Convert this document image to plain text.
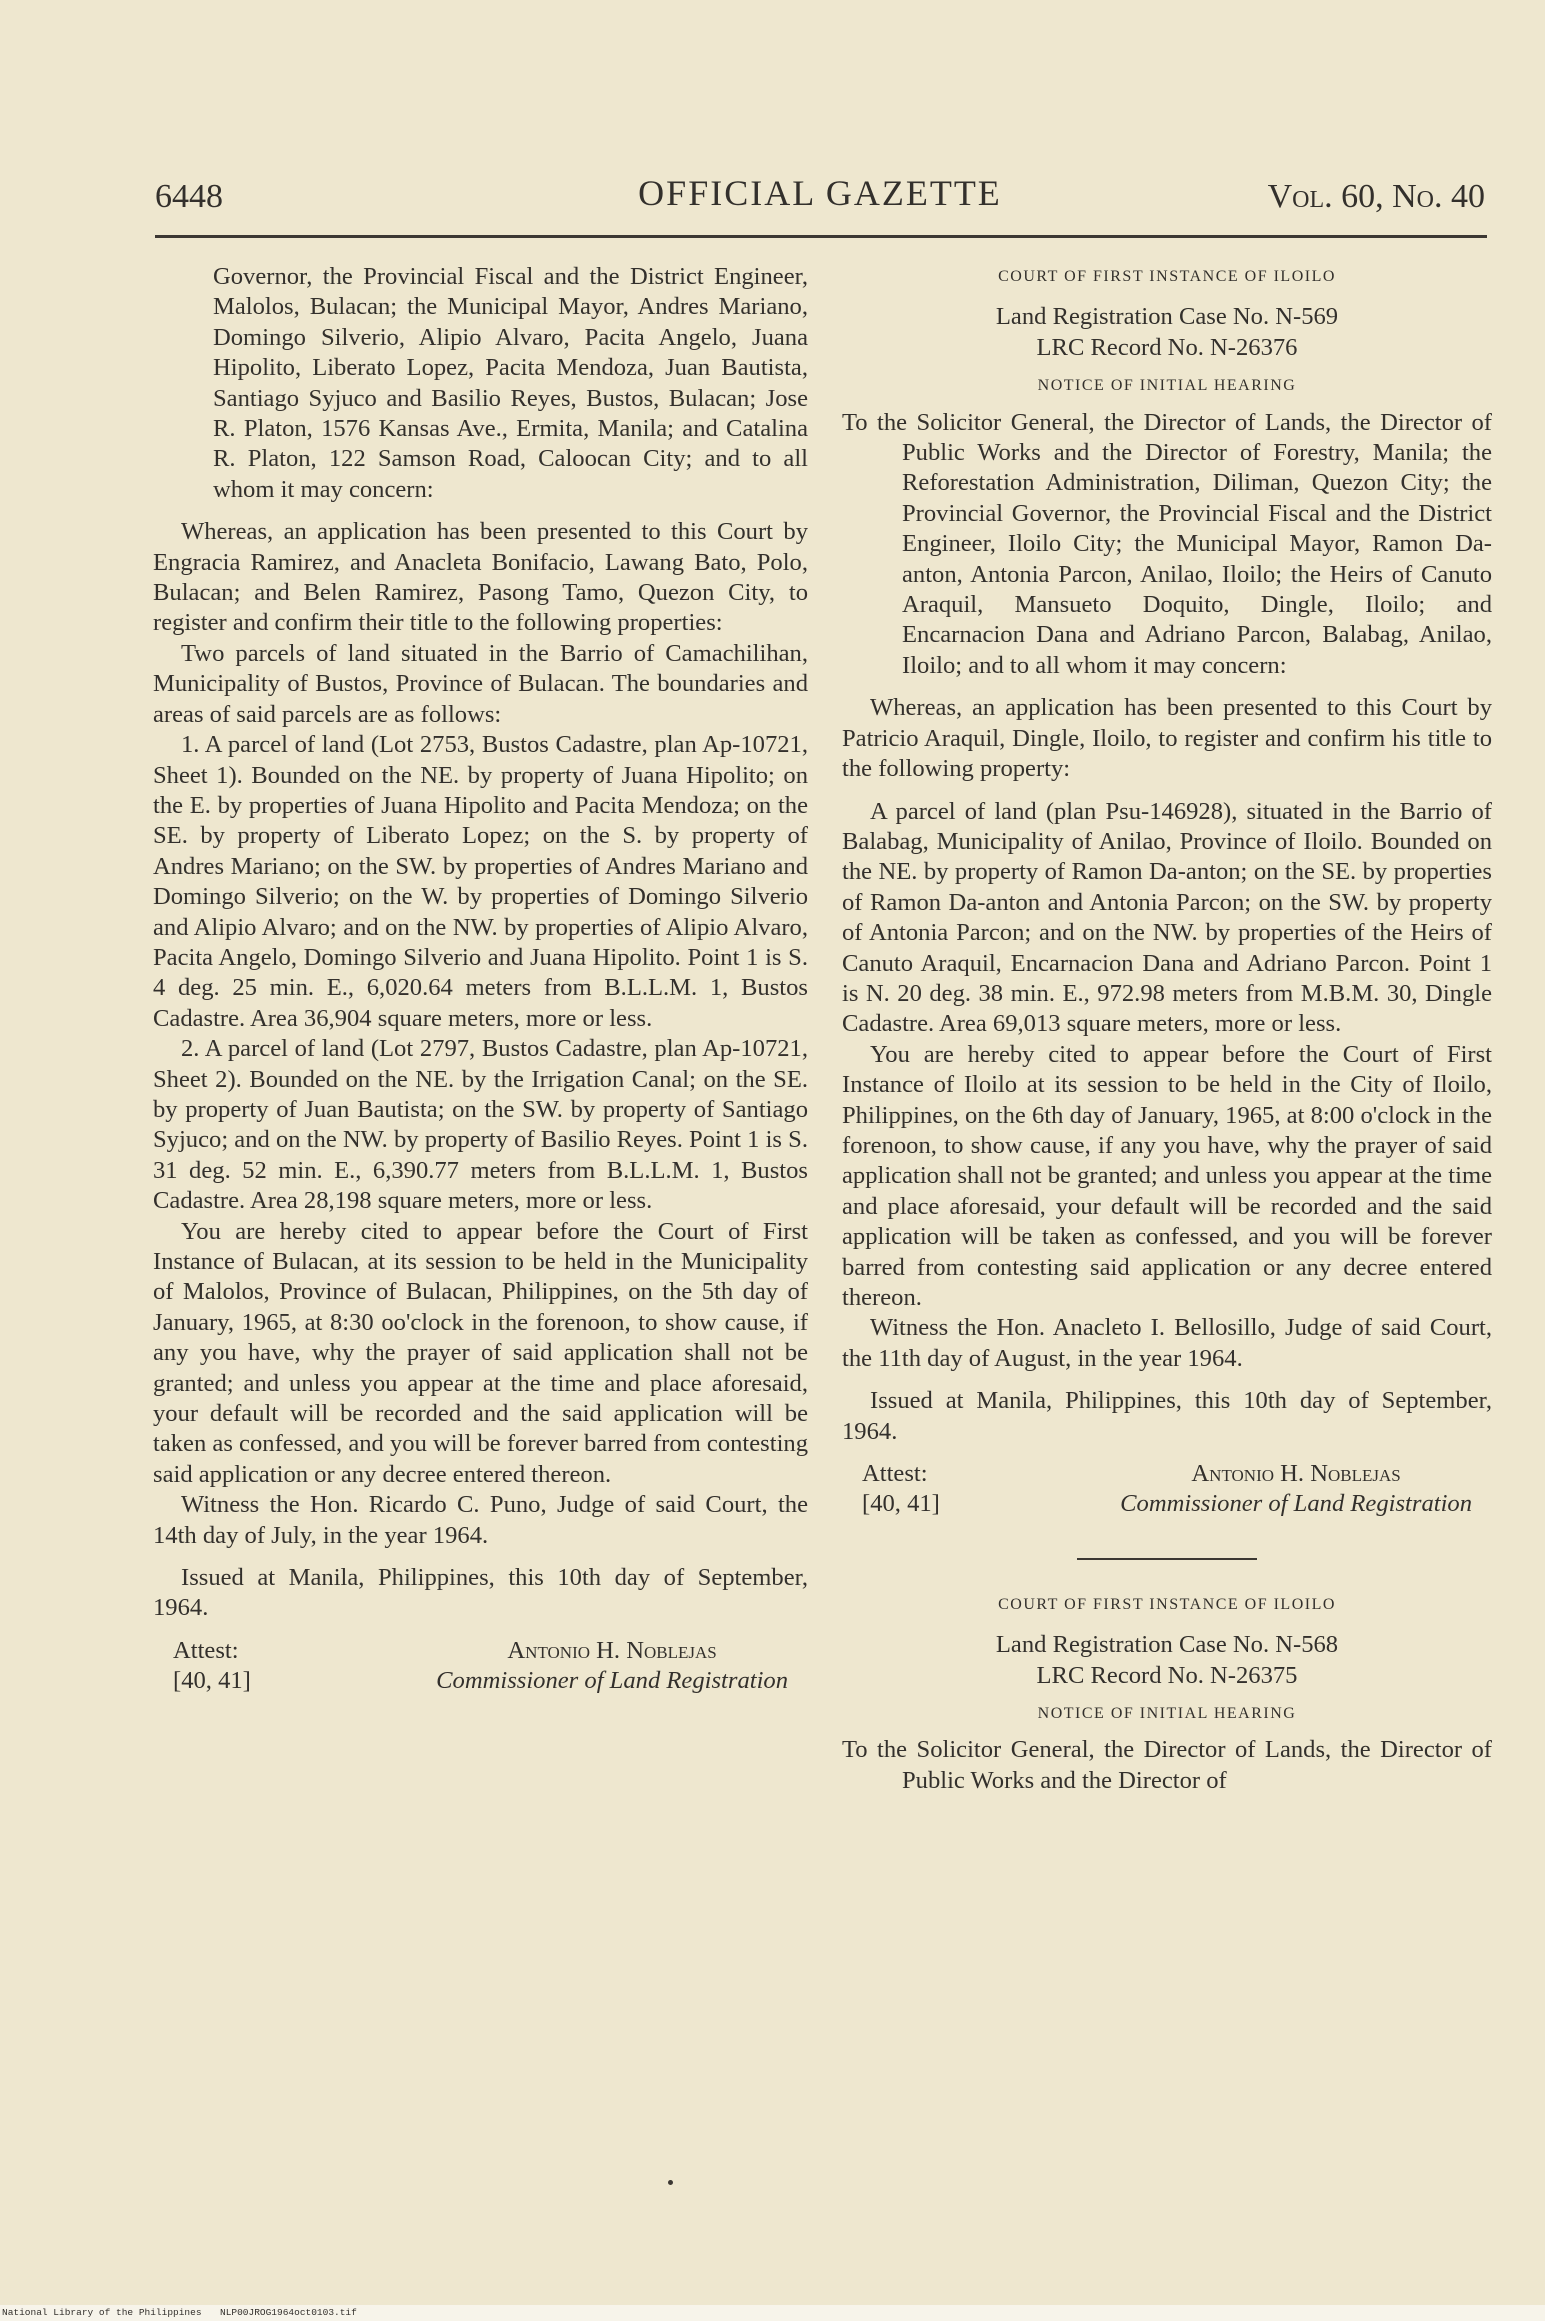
6448	OFFICIAL GAZETTE	Vol. 60, No. 40

Governor, the Provincial Fiscal and the District Engineer, Malolos, Bulacan; the Municipal Mayor, Andres Mariano, Domingo Silverio, Alipio Alvaro, Pacita Angelo, Juana Hipolito, Liberato Lopez, Pacita Mendoza, Juan Bautista, Santiago Syjuco and Basilio Reyes, Bustos, Bulacan; Jose R. Platon, 1576 Kansas Ave., Ermita, Manila; and Catalina R. Platon, 122 Samson Road, Caloocan City; and to all whom it may concern:

Whereas, an application has been presented to this Court by Engracia Ramirez, and Anacleta Bonifacio, Lawang Bato, Polo, Bulacan; and Belen Ramirez, Pasong Tamo, Quezon City, to register and confirm their title to the following properties:

Two parcels of land situated in the Barrio of Camachilihan, Municipality of Bustos, Province of Bulacan. The boundaries and areas of said parcels are as follows:

1. A parcel of land (Lot 2753, Bustos Cadastre, plan Ap-10721, Sheet 1). Bounded on the NE. by property of Juana Hipolito; on the E. by properties of Juana Hipolito and Pacita Mendoza; on the SE. by property of Liberato Lopez; on the S. by property of Andres Mariano; on the SW. by properties of Andres Mariano and Domingo Silverio; on the W. by properties of Domingo Silverio and Alipio Alvaro; and on the NW. by properties of Alipio Alvaro, Pacita Angelo, Domingo Silverio and Juana Hipolito. Point 1 is S. 4 deg. 25 min. E., 6,020.64 meters from B.L.L.M. 1, Bustos Cadastre. Area 36,904 square meters, more or less.

2. A parcel of land (Lot 2797, Bustos Cadastre, plan Ap-10721, Sheet 2). Bounded on the NE. by the Irrigation Canal; on the SE. by property of Juan Bautista; on the SW. by property of Santiago Syjuco; and on the NW. by property of Basilio Reyes. Point 1 is S. 31 deg. 52 min. E., 6,390.77 meters from B.L.L.M. 1, Bustos Cadastre. Area 28,198 square meters, more or less.

You are hereby cited to appear before the Court of First Instance of Bulacan, at its session to be held in the Municipality of Malolos, Province of Bulacan, Philippines, on the 5th day of January, 1965, at 8:30 oo'clock in the forenoon, to show cause, if any you have, why the prayer of said application shall not be granted; and unless you appear at the time and place aforesaid, your default will be recorded and the said application will be taken as confessed, and you will be forever barred from contesting said application or any decree entered thereon.

Witness the Hon. Ricardo C. Puno, Judge of said Court, the 14th day of July, in the year 1964.

Issued at Manila, Philippines, this 10th day of September, 1964.

Attest:
[40, 41]
Antonio H. Noblejas
Commissioner of Land Registration

COURT OF FIRST INSTANCE OF ILOILO

Land Registration Case No. N-569

LRC Record No. N-26376

NOTICE OF INITIAL HEARING

To the Solicitor General, the Director of Lands, the Director of Public Works and the Director of Forestry, Manila; the Reforestation Administration, Diliman, Quezon City; the Provincial Governor, the Provincial Fiscal and the District Engineer, Iloilo City; the Municipal Mayor, Ramon Da-anton, Antonia Parcon, Anilao, Iloilo; the Heirs of Canuto Araquil, Mansueto Doquito, Dingle, Iloilo; and Encarnacion Dana and Adriano Parcon, Balabag, Anilao, Iloilo; and to all whom it may concern:

Whereas, an application has been presented to this Court by Patricio Araquil, Dingle, Iloilo, to register and confirm his title to the following property:

A parcel of land (plan Psu-146928), situated in the Barrio of Balabag, Municipality of Anilao, Province of Iloilo. Bounded on the NE. by property of Ramon Da-anton; on the SE. by properties of Ramon Da-anton and Antonia Parcon; on the SW. by property of Antonia Parcon; and on the NW. by properties of the Heirs of Canuto Araquil, Encarnacion Dana and Adriano Parcon. Point 1 is N. 20 deg. 38 min. E., 972.98 meters from M.B.M. 30, Dingle Cadastre. Area 69,013 square meters, more or less.

You are hereby cited to appear before the Court of First Instance of Iloilo at its session to be held in the City of Iloilo, Philippines, on the 6th day of January, 1965, at 8:00 o'clock in the forenoon, to show cause, if any you have, why the prayer of said application shall not be granted; and unless you appear at the time and place aforesaid, your default will be recorded and the said application will be taken as confessed, and you will be forever barred from contesting said application or any decree entered thereon.

Witness the Hon. Anacleto I. Bellosillo, Judge of said Court, the 11th day of August, in the year 1964.

Issued at Manila, Philippines, this 10th day of September, 1964.

Attest:
[40, 41]
Antonio H. Noblejas
Commissioner of Land Registration

COURT OF FIRST INSTANCE OF ILOILO

Land Registration Case No. N-568

LRC Record No. N-26375

NOTICE OF INITIAL HEARING

To the Solicitor General, the Director of Lands, the Director of Public Works and the Director of

National Library of the Philippines NLP00JROG1964oct0103.tif
